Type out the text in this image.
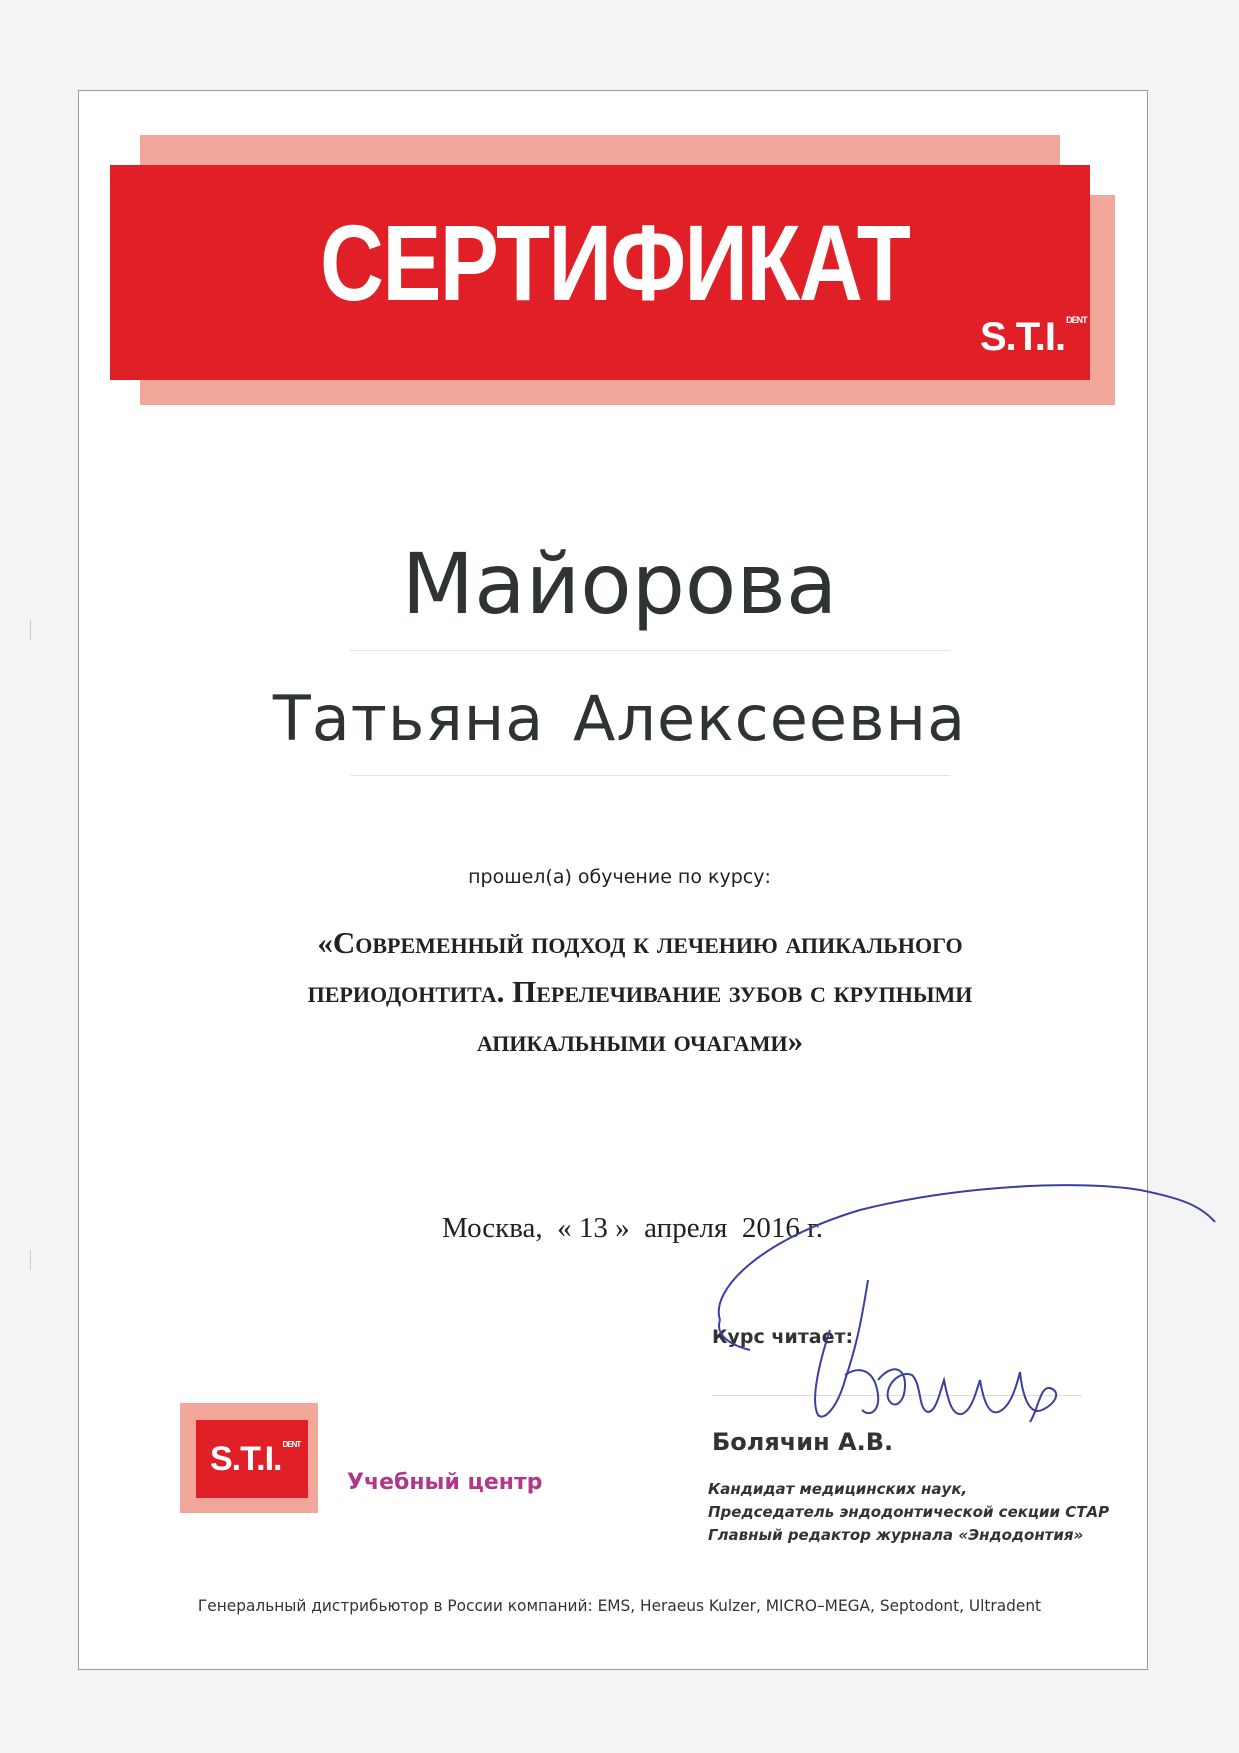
СЕРТИФИКАТ
S.T.I.$^{DENT}$
Майорова
Татьяна Алексеевна
прошел(а) обучение по курсу:
«Современный подход к лечению апикального
периодонтита. Перелечивание зубов с крупными
апикальными очагами»
Москва,  « 13 »  апреля  2016 г.
Курс читает:
Болячин А.В.
Кандидат медицинских наук,
Председатель эндодонтической секции СТАР
Главный редактор журнала «Эндодонтия»
S.T.I.$^{DENT}$
Учебный центр
Генеральный дистрибьютор в России компаний: EMS, Heraeus Kulzer, MICRO–MEGA, Septodont, Ultradent
